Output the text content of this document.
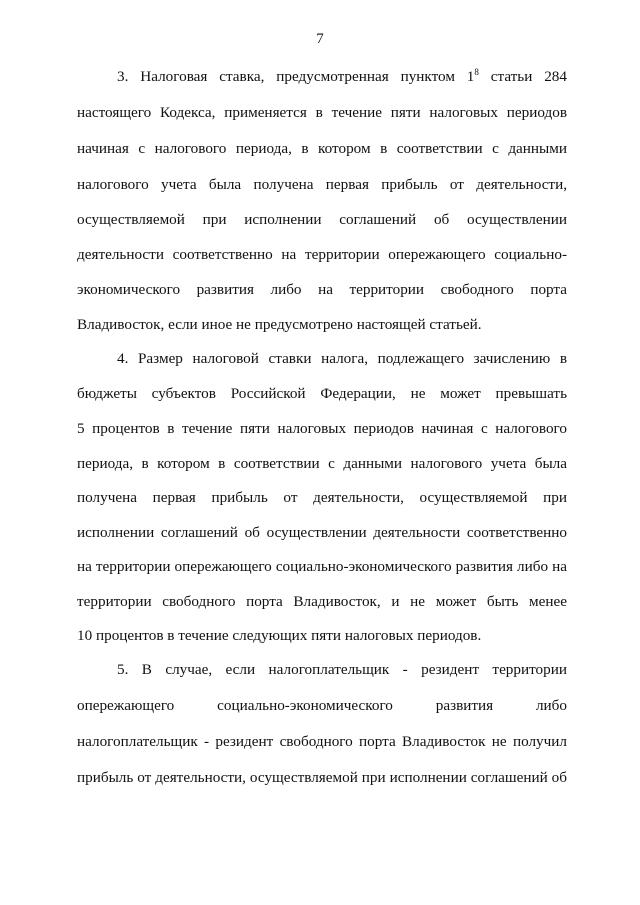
7
3. Налоговая ставка, предусмотренная пунктом $1^8$ статьи 284
настоящего Кодекса, применяется в течение пяти налоговых периодов
начиная с налогового периода, в котором в соответствии с данными
налогового учета была получена первая прибыль от деятельности,
осуществляемой при исполнении соглашений об осуществлении
деятельности соответственно на территории опережающего социально-
экономического развития либо на территории свободного порта
Владивосток, если иное не предусмотрено настоящей статьей.
4. Размер налоговой ставки налога, подлежащего зачислению в
бюджеты субъектов Российской Федерации, не может превышать
5 процентов в течение пяти налоговых периодов начиная с налогового
периода, в котором в соответствии с данными налогового учета была
получена первая прибыль от деятельности, осуществляемой при
исполнении соглашений об осуществлении деятельности соответственно
на территории опережающего социально-экономического развития либо на
территории свободного порта Владивосток, и не может быть менее
10 процентов в течение следующих пяти налоговых периодов.
5. В случае, если налогоплательщик - резидент территории
опережающего социально-экономического развития либо
налогоплательщик - резидент свободного порта Владивосток не получил
прибыль от деятельности, осуществляемой при исполнении соглашений об
